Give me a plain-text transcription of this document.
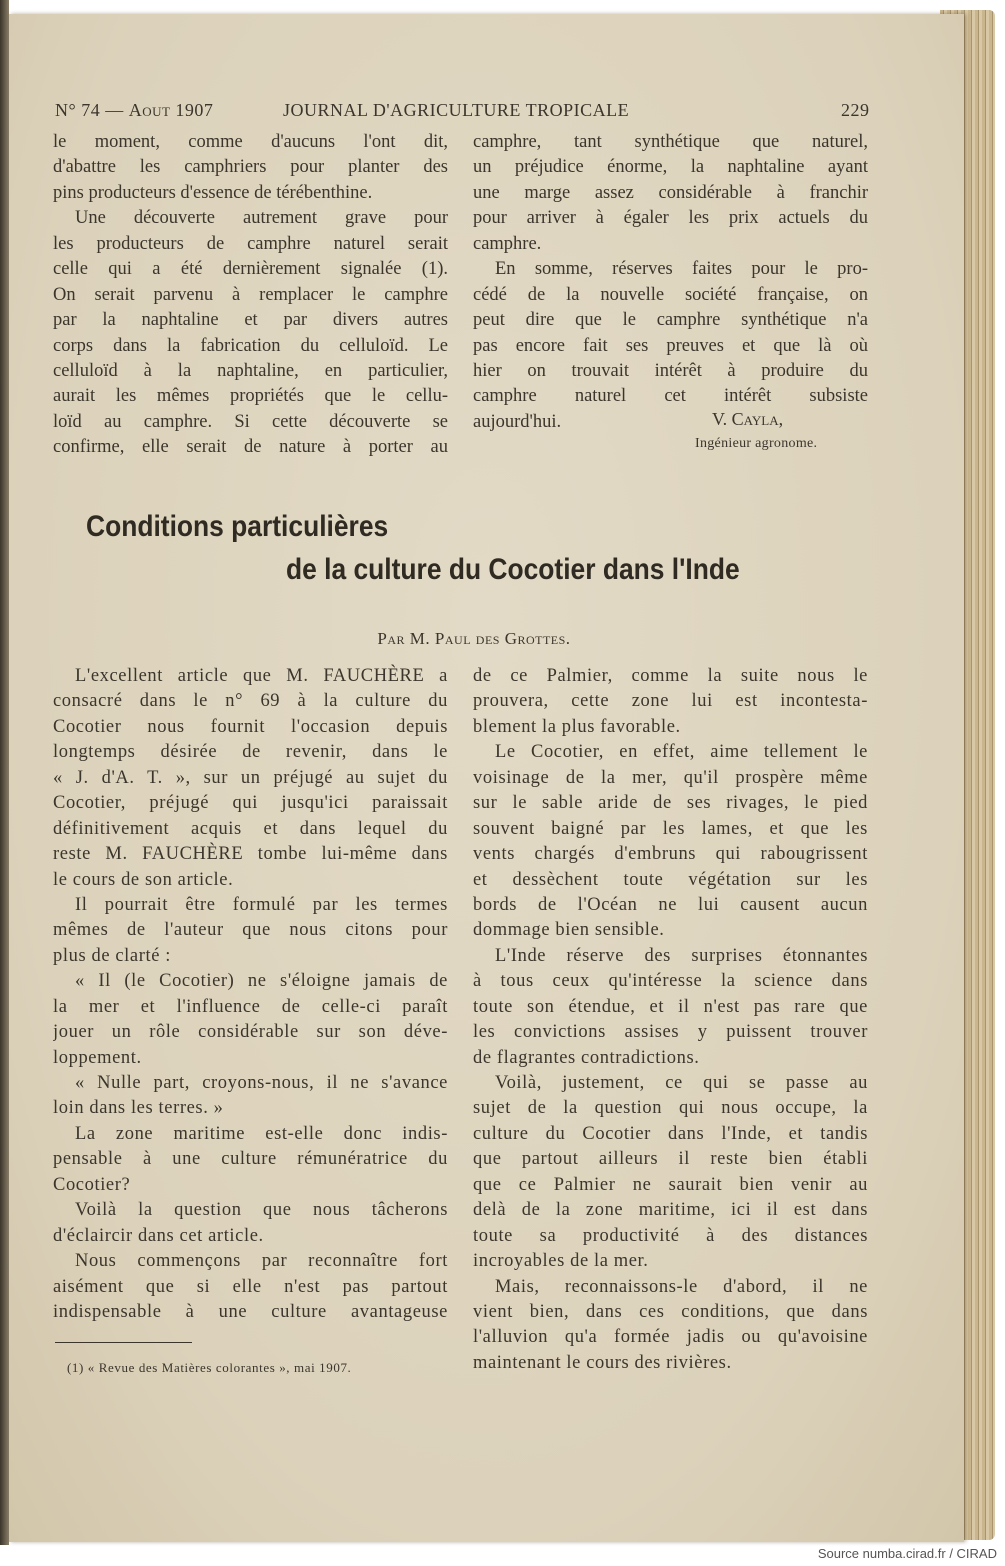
N° 74 — Aout 1907	JOURNAL D'AGRICULTURE TROPICALE	229
le moment, comme d'aucuns l'ont dit,
d'abattre les camphriers pour planter des
pins producteurs d'essence de térébenthine.
Une découverte autrement grave pour
les producteurs de camphre naturel serait
celle qui a été dernièrement signalée (1).
On serait parvenu à remplacer le camphre
par la naphtaline et par divers autres
corps dans la fabrication du celluloïd. Le
celluloïd à la naphtaline, en particulier,
aurait les mêmes propriétés que le cellu-
loïd au camphre. Si cette découverte se
confirme, elle serait de nature à porter au
camphre, tant synthétique que naturel,
un préjudice énorme, la naphtaline ayant
une marge assez considérable à franchir
pour arriver à égaler les prix actuels du
camphre.
En somme, réserves faites pour le pro-
cédé de la nouvelle société française, on
peut dire que le camphre synthétique n'a
pas encore fait ses preuves et que là où
hier on trouvait intérêt à produire du
camphre naturel cet intérêt subsiste
aujourd'hui.	V. Cayla,
Ingénieur agronome.
Conditions particulières
de la culture du Cocotier dans l'Inde
Par M. Paul des Grottes.
L'excellent article que M. FAUCHÈRE a
consacré dans le n° 69 à la culture du
Cocotier nous fournit l'occasion depuis
longtemps désirée de revenir, dans le
« J. d'A. T. », sur un préjugé au sujet du
Cocotier, préjugé qui jusqu'ici paraissait
définitivement acquis et dans lequel du
reste M. FAUCHÈRE tombe lui-même dans
le cours de son article.
Il pourrait être formulé par les termes
mêmes de l'auteur que nous citons pour
plus de clarté :
« Il (le Cocotier) ne s'éloigne jamais de
la mer et l'influence de celle-ci paraît
jouer un rôle considérable sur son déve-
loppement.
« Nulle part, croyons-nous, il ne s'avance
loin dans les terres. »
La zone maritime est-elle donc indis-
pensable à une culture rémunératrice du
Cocotier?
Voilà la question que nous tâcherons
d'éclaircir dans cet article.
Nous commençons par reconnaître fort
aisément que si elle n'est pas partout
indispensable à une culture avantageuse
de ce Palmier, comme la suite nous le
prouvera, cette zone lui est incontesta-
blement la plus favorable.
Le Cocotier, en effet, aime tellement le
voisinage de la mer, qu'il prospère même
sur le sable aride de ses rivages, le pied
souvent baigné par les lames, et que les
vents chargés d'embruns qui rabougrissent
et dessèchent toute végétation sur les
bords de l'Océan ne lui causent aucun
dommage bien sensible.
L'Inde réserve des surprises étonnantes
à tous ceux qu'intéresse la science dans
toute son étendue, et il n'est pas rare que
les convictions assises y puissent trouver
de flagrantes contradictions.
Voilà, justement, ce qui se passe au
sujet de la question qui nous occupe, la
culture du Cocotier dans l'Inde, et tandis
que partout ailleurs il reste bien établi
que ce Palmier ne saurait bien venir au
delà de la zone maritime, ici il est dans
toute sa productivité à des distances
incroyables de la mer.
Mais, reconnaissons-le d'abord, il ne
vient bien, dans ces conditions, que dans
l'alluvion qu'a formée jadis ou qu'avoisine
maintenant le cours des rivières.
(1) « Revue des Matières colorantes », mai 1907.
Source numba.cirad.fr / CIRAD
